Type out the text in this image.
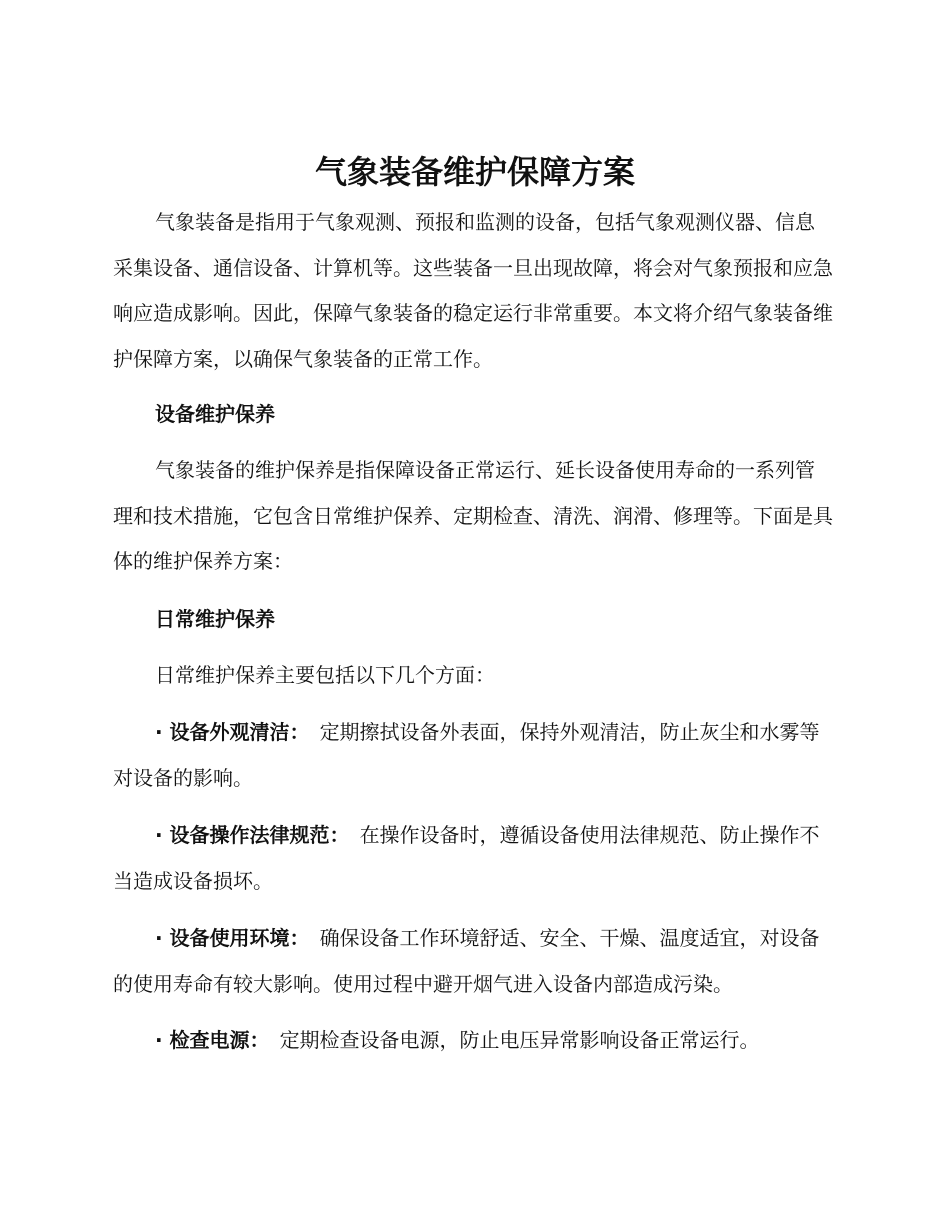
气象装备维护保障方案

气象装备是指用于气象观测、预报和监测的设备，包括气象观测仪器、信息采集设备、通信设备、计算机等。这些装备一旦出现故障，将会对气象预报和应急响应造成影响。因此，保障气象装备的稳定运行非常重要。本文将介绍气象装备维护保障方案，以确保气象装备的正常工作。

设备维护保养

气象装备的维护保养是指保障设备正常运行、延长设备使用寿命的一系列管理和技术措施，它包含日常维护保养、定期检查、清洗、润滑、修理等。下面是具体的维护保养方案：

日常维护保养

日常维护保养主要包括以下几个方面：

· 设备外观清洁： 定期擦拭设备外表面，保持外观清洁，防止灰尘和水雾等对设备的影响。

· 设备操作法律规范： 在操作设备时，遵循设备使用法律规范、防止操作不当造成设备损坏。

· 设备使用环境： 确保设备工作环境舒适、安全、干燥、温度适宜，对设备的使用寿命有较大影响。使用过程中避开烟气进入设备内部造成污染。

· 检查电源： 定期检查设备电源，防止电压异常影响设备正常运行。
